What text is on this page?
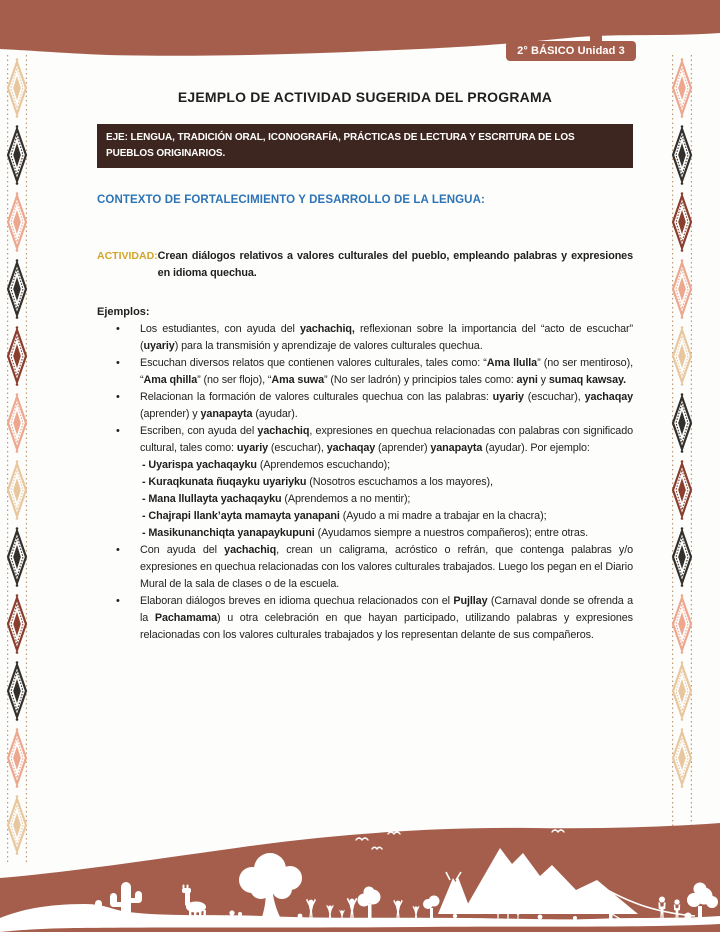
2° BÁSICO Unidad 3
EJEMPLO DE ACTIVIDAD SUGERIDA DEL PROGRAMA
EJE: LENGUA, TRADICIÓN ORAL, ICONOGRAFÍA, PRÁCTICAS DE LECTURA Y ESCRITURA DE LOS PUEBLOS ORIGINARIOS.
CONTEXTO DE FORTALECIMIENTO Y DESARROLLO DE LA LENGUA:
ACTIVIDAD: Crean diálogos relativos a valores culturales del pueblo, empleando palabras y expresiones en idioma quechua.
Ejemplos:
•	Los estudiantes, con ayuda del yachachiq, reflexionan sobre la importancia del “acto de escuchar” (uyariy) para la transmisión y aprendizaje de valores culturales quechua.
•	Escuchan diversos relatos que contienen valores culturales, tales como: “Ama llulla” (no ser mentiroso), “Ama qhilla” (no ser flojo), “Ama suwa” (No ser ladrón) y principios tales como: ayni y sumaq kawsay.
•	Relacionan la formación de valores culturales quechua con las palabras: uyariy (escuchar), yachaqay (aprender) y yanapayta (ayudar).
•	Escriben, con ayuda del yachachiq, expresiones en quechua relacionadas con palabras con significado cultural, tales como: uyariy (escuchar), yachaqay (aprender) yanapayta (ayudar). Por ejemplo:
- Uyarispa yachaqayku (Aprendemos escuchando);
- Kuraqkunata ñuqayku uyariyku (Nosotros escuchamos a los mayores),
- Mana llullayta yachaqayku (Aprendemos a no mentir);
- Chajrapi llank’ayta mamayta yanapani (Ayudo a mi madre a trabajar en la chacra);
- Masikunanchiqta yanapaykupuni (Ayudamos siempre a nuestros compañeros); entre otras.
•	Con ayuda del yachachiq, crean un caligrama, acróstico o refrán, que contenga palabras y/o expresiones en quechua relacionadas con los valores culturales trabajados. Luego los pegan en el Diario Mural de la sala de clases o de la escuela.
•	Elaboran diálogos breves en idioma quechua relacionados con el Pujllay (Carnaval donde se ofrenda a la Pachamama) u otra celebración en que hayan participado, utilizando palabras y expresiones relacionadas con los valores culturales trabajados y los representan delante de sus compañeros.
